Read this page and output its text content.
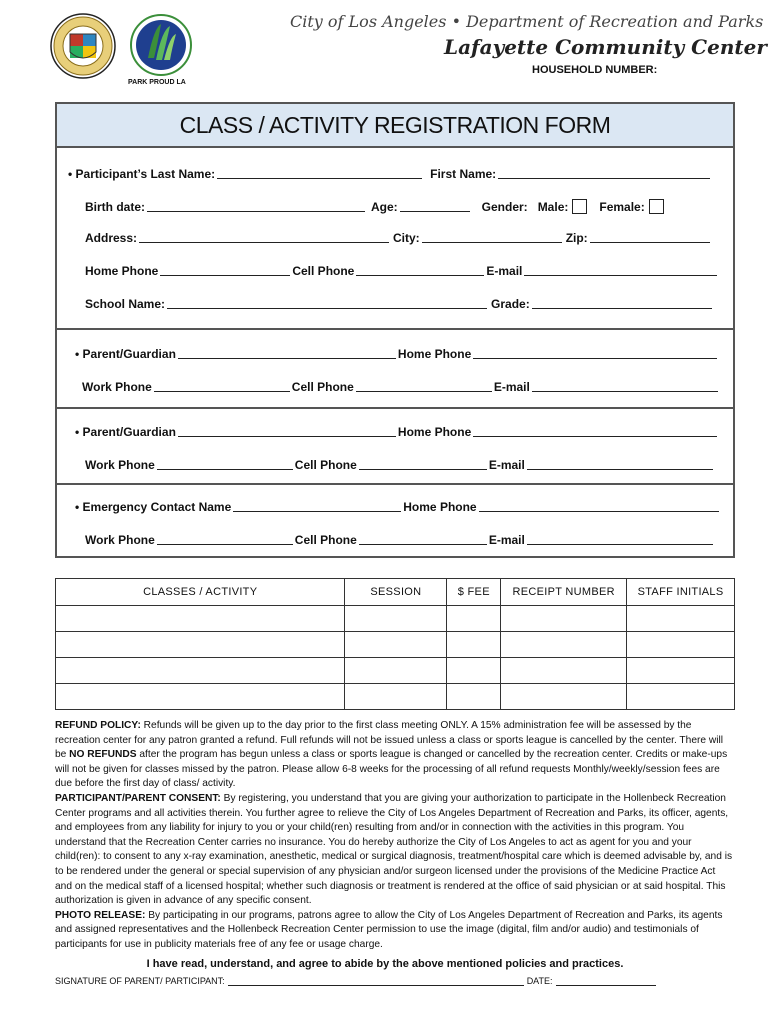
PARK PROUD LA
City of Los Angeles • Department of Recreation and Parks
Lafayette Community Center
HOUSEHOLD NUMBER:
CLASS / ACTIVITY REGISTRATION FORM
• Participant’s Last Name:	First Name:
Birth date:	Age:	Gender: Male:	Female:
Address:	City:	Zip:
Home Phone	Cell Phone	E-mail
School Name:	Grade:
• Parent/Guardian	Home Phone
Work Phone	Cell Phone	E-mail
• Parent/Guardian	Home Phone
Work Phone	Cell Phone	E-mail
• Emergency Contact Name	Home Phone
Work Phone	Cell Phone	E-mail
CLASSES / ACTIVITY	SESSION	$ FEE	RECEIPT NUMBER	STAFF INITIALS

REFUND POLICY: Refunds will be given up to the day prior to the first class meeting ONLY. A 15% administration fee will be assessed by the recreation center for any patron granted a refund. Full refunds will not be issued unless a class or sports league is cancelled by the center. There will be NO REFUNDS after the program has begun unless a class or sports league is changed or cancelled by the recreation center. Credits or make-ups will not be given for classes missed by the patron. Please allow 6-8 weeks for the processing of all refund requests Monthly/weekly/session fees are due before the first day of class/ activity.
PARTICIPANT/PARENT CONSENT: By registering, you understand that you are giving your authorization to participate in the Hollenbeck Recreation Center programs and all activities therein. You further agree to relieve the City of Los Angeles Department of Recreation and Parks, its officer, agents, and employees from any liability for injury to you or your child(ren) resulting from and/or in connection with the activities in this program. You understand that the Recreation Center carries no insurance. You do hereby authorize the City of Los Angeles to act as agent for you and your child(ren): to consent to any x-ray examination, anesthetic, medical or surgical diagnosis, treatment/hospital care which is deemed advisable by, and is to be rendered under the general or special supervision of any physician and/or surgeon licensed under the provisions of the Medicine Practice Act and on the medical staff of a licensed hospital; whether such diagnosis or treatment is rendered at the office of said physician or at said hospital. This authorization is given in advance of any specific consent.
PHOTO RELEASE: By participating in our programs, patrons agree to allow the City of Los Angeles Department of Recreation and Parks, its agents and assigned representatives and the Hollenbeck Recreation Center permission to use the image (digital, film and/or audio) and testimonials of participants for use in publicity materials free of any fee or usage charge.
I have read, understand, and agree to abide by the above mentioned policies and practices.
SIGNATURE OF PARENT/ PARTICIPANT:	DATE:
